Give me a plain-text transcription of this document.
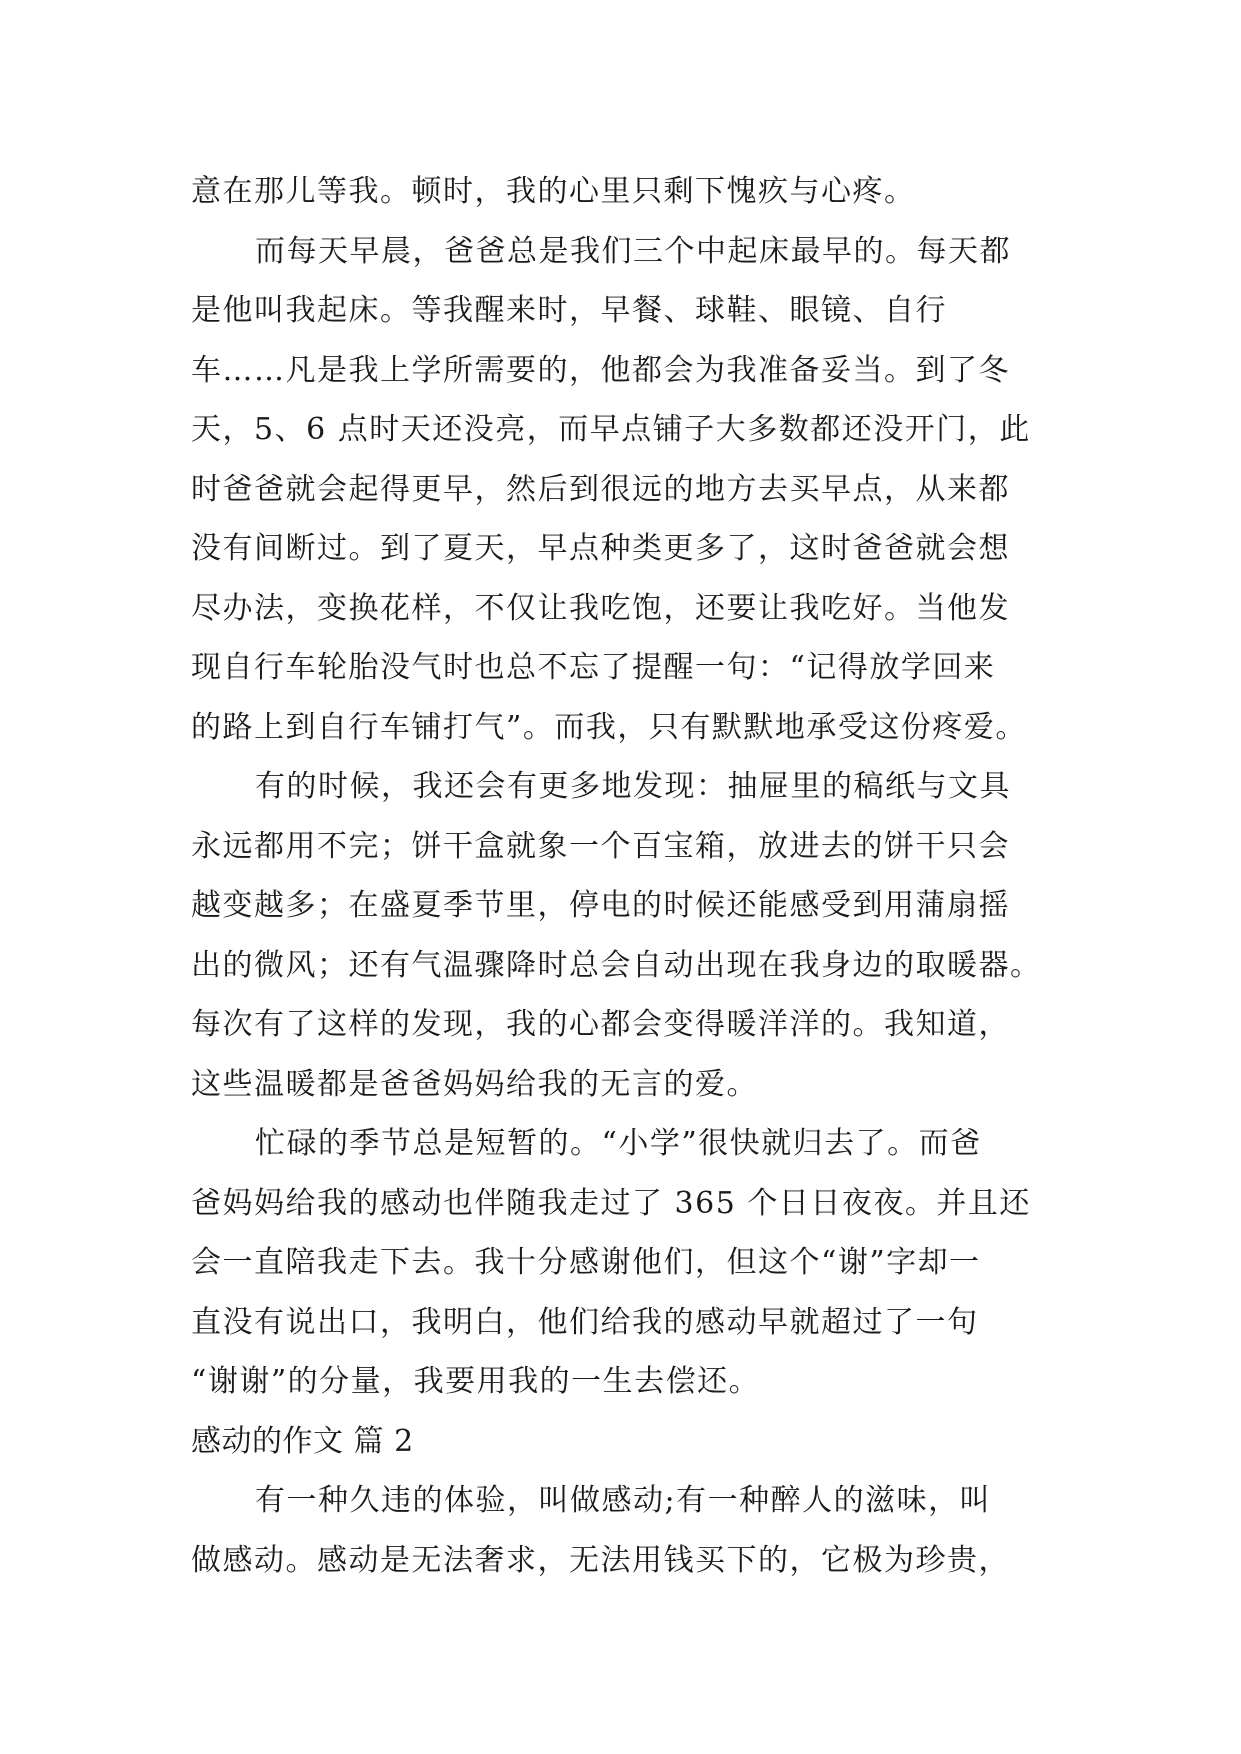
意在那儿等我。顿时，我的心里只剩下愧疚与心疼。
而每天早晨，爸爸总是我们三个中起床最早的。每天都
是他叫我起床。等我醒来时，早餐、球鞋、眼镜、自行
车……凡是我上学所需要的，他都会为我准备妥当。到了冬
天，5、6 点时天还没亮，而早点铺子大多数都还没开门，此
时爸爸就会起得更早，然后到很远的地方去买早点，从来都
没有间断过。到了夏天，早点种类更多了，这时爸爸就会想
尽办法，变换花样，不仅让我吃饱，还要让我吃好。当他发
现自行车轮胎没气时也总不忘了提醒一句：“记得放学回来
的路上到自行车铺打气”。而我，只有默默地承受这份疼爱。
有的时候，我还会有更多地发现：抽屉里的稿纸与文具
永远都用不完；饼干盒就象一个百宝箱，放进去的饼干只会
越变越多；在盛夏季节里，停电的时候还能感受到用蒲扇摇
出的微风；还有气温骤降时总会自动出现在我身边的取暖器。
每次有了这样的发现，我的心都会变得暖洋洋的。我知道，
这些温暖都是爸爸妈妈给我的无言的爱。
忙碌的季节总是短暂的。“小学”很快就归去了。而爸
爸妈妈给我的感动也伴随我走过了 365 个日日夜夜。并且还
会一直陪我走下去。我十分感谢他们，但这个“谢”字却一
直没有说出口，我明白，他们给我的感动早就超过了一句
“谢谢”的分量，我要用我的一生去偿还。
感动的作文 篇 2
有一种久违的体验，叫做感动;有一种醉人的滋味，叫
做感动。感动是无法奢求，无法用钱买下的，它极为珍贵，
